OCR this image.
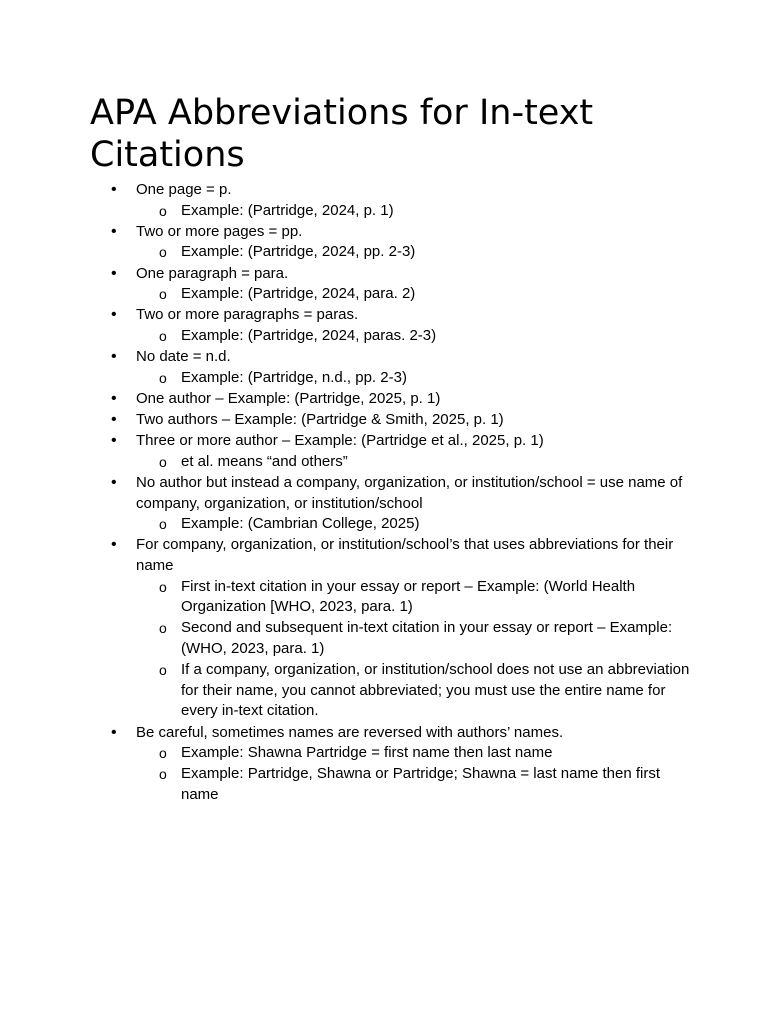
APA Abbreviations for In-text Citations
• One page = p.
o Example: (Partridge, 2024, p. 1)
• Two or more pages = pp.
o Example: (Partridge, 2024, pp. 2-3)
• One paragraph = para.
o Example: (Partridge, 2024, para. 2)
• Two or more paragraphs = paras.
o Example: (Partridge, 2024, paras. 2-3)
• No date = n.d.
o Example: (Partridge, n.d., pp. 2-3)
• One author – Example: (Partridge, 2025, p. 1)
• Two authors – Example: (Partridge & Smith, 2025, p. 1)
• Three or more author – Example: (Partridge et al., 2025, p. 1)
o et al. means “and others”
• No author but instead a company, organization, or institution/school = use name of company, organization, or institution/school
o Example: (Cambrian College, 2025)
• For company, organization, or institution/school’s that uses abbreviations for their name
o First in-text citation in your essay or report – Example: (World Health Organization [WHO, 2023, para. 1)
o Second and subsequent in-text citation in your essay or report – Example: (WHO, 2023, para. 1)
o If a company, organization, or institution/school does not use an abbreviation for their name, you cannot abbreviated; you must use the entire name for every in-text citation.
• Be careful, sometimes names are reversed with authors’ names.
o Example: Shawna Partridge = first name then last name
o Example: Partridge, Shawna or Partridge; Shawna = last name then first name
